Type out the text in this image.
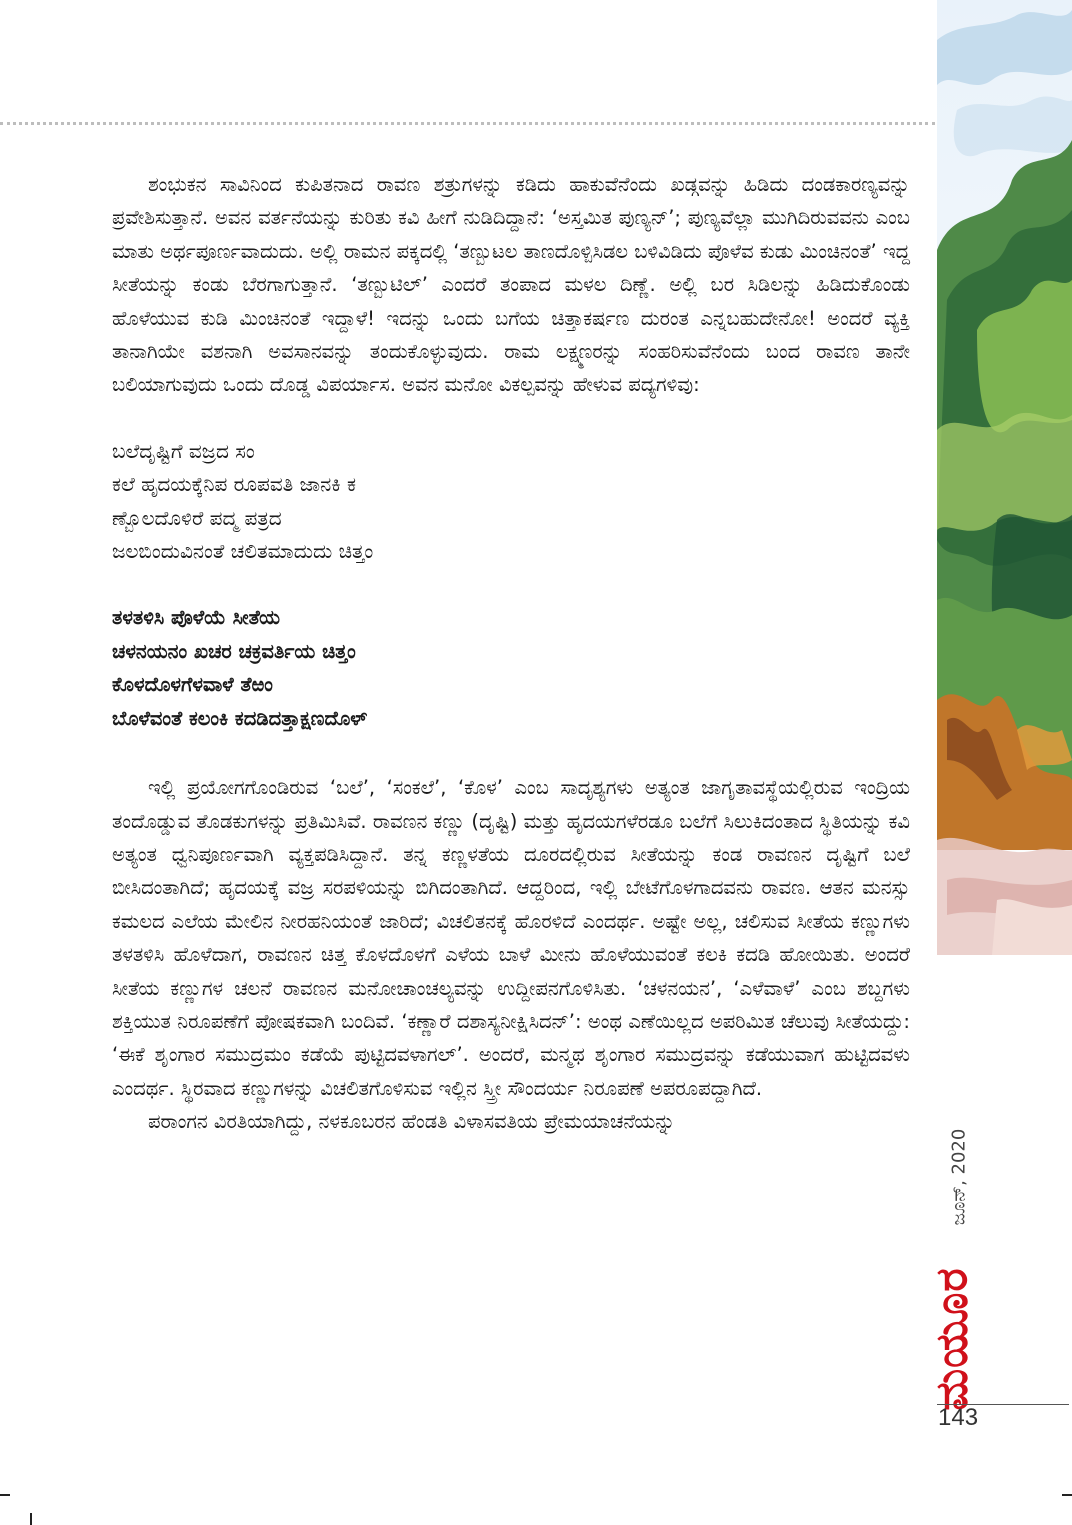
ಶಂಭುಕನ ಸಾವಿನಿಂದ ಕುಪಿತನಾದ ರಾವಣ ಶತ್ರುಗಳನ್ನು ಕಡಿದು ಹಾಕುವೆನೆಂದು ಖಡ್ಗವನ್ನು ಹಿಡಿದು ದಂಡಕಾರಣ್ಯವನ್ನು ಪ್ರವೇಶಿಸುತ್ತಾನೆ. ಅವನ ವರ್ತನೆಯನ್ನು ಕುರಿತು ಕವಿ ಹೀಗೆ ನುಡಿದಿದ್ದಾನೆ: ‘ಅಸ್ತಮಿತ ಪುಣ್ಯನ್’; ಪುಣ್ಯವೆಲ್ಲಾ ಮುಗಿದಿರುವವನು ಎಂಬ ಮಾತು ಅರ್ಥಪೂರ್ಣವಾದುದು. ಅಲ್ಲಿ ರಾಮನ ಪಕ್ಕದಲ್ಲಿ ‘ತಣ್ಬುಟಲ ತಾಣದೊಳ್ಪಿಸಿಡಲ ಬಳಿವಿಡಿದು ಪೊಳೆವ ಕುಡು ಮಿಂಚಿನಂತೆ’ ಇದ್ದ ಸೀತೆಯನ್ನು ಕಂಡು ಬೆರಗಾಗುತ್ತಾನೆ. ‘ತಣ್ಬುಟಿಲ್’ ಎಂದರೆ ತಂಪಾದ ಮಳಲ ದಿಣ್ಣೆ. ಅಲ್ಲಿ ಬರ ಸಿಡಿಲನ್ನು ಹಿಡಿದುಕೊಂಡು ಹೊಳೆಯುವ ಕುಡಿ ಮಿಂಚಿನಂತೆ ಇದ್ದಾಳೆ! ಇದನ್ನು ಒಂದು ಬಗೆಯ ಚಿತ್ತಾಕರ್ಷಣ ದುರಂತ ಎನ್ನಬಹುದೇನೋ! ಅಂದರೆ ವ್ಯಕ್ತಿ ತಾನಾಗಿಯೇ ವಶನಾಗಿ ಅವಸಾನವನ್ನು ತಂದುಕೊಳ್ಳುವುದು. ರಾಮ ಲಕ್ಷ್ಮಣರನ್ನು ಸಂಹರಿಸುವೆನೆಂದು ಬಂದ ರಾವಣ ತಾನೇ ಬಲಿಯಾಗುವುದು ಒಂದು ದೊಡ್ಡ ವಿಪರ್ಯಾಸ. ಅವನ ಮನೋ ವಿಕಲ್ಪವನ್ನು ಹೇಳುವ ಪದ್ಯಗಳಿವು:

ಬಲೆದೃಷ್ಟಿಗೆ ವಜ್ರದ ಸಂ
ಕಲೆ ಹೃದಯಕ್ಕೆನಿಪ ರೂಪವತಿ ಜಾನಕಿ ಕ
ಣ್ಬೊಲದೊಳಿರೆ ಪದ್ಮ ಪತ್ರದ
ಜಲಬಿಂದುವಿನಂತೆ ಚಲಿತಮಾದುದು ಚಿತ್ತಂ
ತಳತಳಿಸಿ ಪೊಳೆಯೆ ಸೀತೆಯ
ಚಳನಯನಂ ಖಚರ ಚಕ್ರವರ್ತಿಯ ಚಿತ್ತಂ
ಕೊಳದೊಳಗೆಳವಾಳೆ ತೆಱಂ
ಬೊಳೆವಂತೆ ಕಲಂಕಿ ಕದಡಿದತ್ತಾಕ್ಷಣದೊಳ್

ಇಲ್ಲಿ ಪ್ರಯೋಗಗೊಂಡಿರುವ ‘ಬಲೆ’, ‘ಸಂಕಲೆ’, ‘ಕೊಳ’ ಎಂಬ ಸಾದೃಶ್ಯಗಳು ಅತ್ಯಂತ ಜಾಗೃತಾವಸ್ಥೆಯಲ್ಲಿರುವ ಇಂದ್ರಿಯ ತಂದೊಡ್ಡುವ ತೊಡಕುಗಳನ್ನು ಪ್ರತಿಮಿಸಿವೆ. ರಾವಣನ ಕಣ್ಣು (ದೃಷ್ಟಿ) ಮತ್ತು ಹೃದಯಗಳೆರಡೂ ಬಲೆಗೆ ಸಿಲುಕಿದಂತಾದ ಸ್ಥಿತಿಯನ್ನು ಕವಿ ಅತ್ಯಂತ ಧ್ವನಿಪೂರ್ಣವಾಗಿ ವ್ಯಕ್ತಪಡಿಸಿದ್ದಾನೆ. ತನ್ನ ಕಣ್ಣಳತೆಯ ದೂರದಲ್ಲಿರುವ ಸೀತೆಯನ್ನು ಕಂಡ ರಾವಣನ ದೃಷ್ಟಿಗೆ ಬಲೆ ಬೀಸಿದಂತಾಗಿದೆ; ಹೃದಯಕ್ಕೆ ವಜ್ರ ಸರಪಳಿಯನ್ನು ಬಿಗಿದಂತಾಗಿದೆ. ಆದ್ದರಿಂದ, ಇಲ್ಲಿ ಬೇಟೆಗೊಳಗಾದವನು ರಾವಣ. ಆತನ ಮನಸ್ಸು ಕಮಲದ ಎಲೆಯ ಮೇಲಿನ ನೀರಹನಿಯಂತೆ ಜಾರಿದೆ; ವಿಚಲಿತನಕ್ಕೆ ಹೊರಳಿದೆ ಎಂದರ್ಥ. ಅಷ್ಟೇ ಅಲ್ಲ, ಚಲಿಸುವ ಸೀತೆಯ ಕಣ್ಣುಗಳು ತಳತಳಿಸಿ ಹೊಳೆದಾಗ, ರಾವಣನ ಚಿತ್ತ ಕೊಳದೊಳಗೆ ಎಳೆಯ ಬಾಳೆ ಮೀನು ಹೊಳೆಯುವಂತೆ ಕಲಕಿ ಕದಡಿ ಹೋಯಿತು. ಅಂದರೆ ಸೀತೆಯ ಕಣ್ಣುಗಳ ಚಲನೆ ರಾವಣನ ಮನೋಚಾಂಚಲ್ಯವನ್ನು ಉದ್ದೀಪನಗೊಳಿಸಿತು. ‘ಚಳನಯನ’, ‘ಎಳೆವಾಳೆ’ ಎಂಬ ಶಬ್ದಗಳು ಶಕ್ತಿಯುತ ನಿರೂಪಣೆಗೆ ಪೋಷಕವಾಗಿ ಬಂದಿವೆ. ‘ಕಣ್ಣಾರೆ ದಶಾಸ್ಯನೀಕ್ಷಿಸಿದನ್’: ಅಂಥ ಎಣೆಯಿಲ್ಲದ ಅಪರಿಮಿತ ಚೆಲುವು ಸೀತೆಯದ್ದು: ‘ಈಕೆ ಶೃಂಗಾರ ಸಮುದ್ರಮಂ ಕಡೆಯೆ ಪುಟ್ಟಿದವಳಾಗಲ್’. ಅಂದರೆ, ಮನ್ಮಥ ಶೃಂಗಾರ ಸಮುದ್ರವನ್ನು ಕಡೆಯುವಾಗ ಹುಟ್ಟಿದವಳು ಎಂದರ್ಥ. ಸ್ಥಿರವಾದ ಕಣ್ಣುಗಳನ್ನು ವಿಚಲಿತಗೊಳಿಸುವ ಇಲ್ಲಿನ ಸ್ತ್ರೀ ಸೌಂದರ್ಯ ನಿರೂಪಣೆ ಅಪರೂಪದ್ದಾಗಿದೆ.

ಪರಾಂಗನ ವಿರತಿಯಾಗಿದ್ದು, ನಳಕೂಬರನ ಹೆಂಡತಿ ವಿಳಾಸವತಿಯ ಪ್ರೇಮಯಾಚನೆಯನ್ನು

ಜೂನ್, 2020
ಮಯೂರ
143
